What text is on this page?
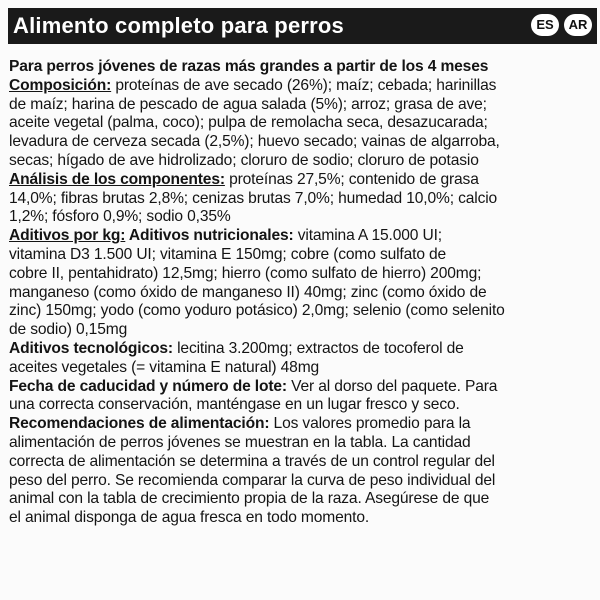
Alimento completo para perros	ES	AR
Para perros jóvenes de razas más grandes a partir de los 4 meses
Composición: proteínas de ave secado (26%); maíz; cebada; harinillas
de maíz; harina de pescado de agua salada (5%); arroz; grasa de ave;
aceite vegetal (palma, coco); pulpa de remolacha seca, desazucarada;
levadura de cerveza secada (2,5%); huevo secado; vainas de algarroba,
secas; hígado de ave hidrolizado; cloruro de sodio; cloruro de potasio
Análisis de los componentes: proteínas 27,5%; contenido de grasa
14,0%; fibras brutas 2,8%; cenizas brutas 7,0%; humedad 10,0%; calcio
1,2%; fósforo 0,9%; sodio 0,35%
Aditivos por kg: Aditivos nutricionales: vitamina A 15.000 UI;
vitamina D3 1.500 UI; vitamina E 150mg; cobre (como sulfato de
cobre II, pentahidrato) 12,5mg; hierro (como sulfato de hierro) 200mg;
manganeso (como óxido de manganeso II) 40mg; zinc (como óxido de
zinc) 150mg; yodo (como yoduro potásico) 2,0mg; selenio (como selenito
de sodio) 0,15mg
Aditivos tecnológicos: lecitina 3.200mg; extractos de tocoferol de
aceites vegetales (= vitamina E natural) 48mg
Fecha de caducidad y número de lote: Ver al dorso del paquete. Para
una correcta conservación, manténgase en un lugar fresco y seco.
Recomendaciones de alimentación: Los valores promedio para la
alimentación de perros jóvenes se muestran en la tabla. La cantidad
correcta de alimentación se determina a través de un control regular del
peso del perro. Se recomienda comparar la curva de peso individual del
animal con la tabla de crecimiento propia de la raza. Asegúrese de que
el animal disponga de agua fresca en todo momento.
